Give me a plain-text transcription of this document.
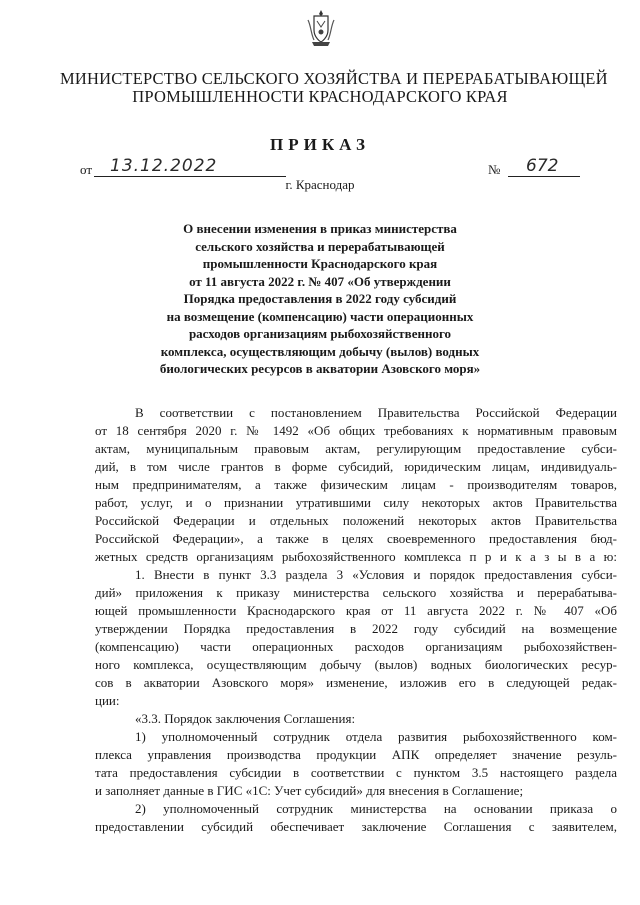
МИНИСТЕРСТВО СЕЛЬСКОГО ХОЗЯЙСТВА И ПЕРЕРАБАТЫВАЮЩЕЙ
ПРОМЫШЛЕННОСТИ КРАСНОДАРСКОГО КРАЯ
ПРИКАЗ
от 13.12.2022	№ 672
г. Краснодар
О внесении изменения в приказ министерства
сельского хозяйства и перерабатывающей
промышленности Краснодарского края
от 11 августа 2022 г. № 407 «Об утверждении
Порядка предоставления в 2022 году субсидий
на возмещение (компенсацию) части операционных
расходов организациям рыбохозяйственного
комплекса, осуществляющим добычу (вылов) водных
биологических ресурсов в акватории Азовского моря»
В соответствии с постановлением Правительства Российской Федерации
от 18 сентября 2020 г. № 1492 «Об общих требованиях к нормативным правовым
актам, муниципальным правовым актам, регулирующим предоставление субси-
дий, в том числе грантов в форме субсидий, юридическим лицам, индивидуаль-
ным предпринимателям, а также физическим лицам - производителям товаров,
работ, услуг, и о признании утратившими силу некоторых актов Правительства
Российской Федерации и отдельных положений некоторых актов Правительства
Российской Федерации», а также в целях своевременного предоставления бюд-
жетных средств организациям рыбохозяйственного комплекса п р и к а з ы в а ю:
1. Внести в пункт 3.3 раздела 3 «Условия и порядок предоставления субси-
дий» приложения к приказу министерства сельского хозяйства и перерабатыва-
ющей промышленности Краснодарского края от 11 августа 2022 г. № 407 «Об
утверждении Порядка предоставления в 2022 году субсидий на возмещение
(компенсацию) части операционных расходов организациям рыбохозяйствен-
ного комплекса, осуществляющим добычу (вылов) водных биологических ресур-
сов в акватории Азовского моря» изменение, изложив его в следующей редак-
ции:
«3.3. Порядок заключения Соглашения:
1) уполномоченный сотрудник отдела развития рыбохозяйственного ком-
плекса управления производства продукции АПК определяет значение резуль-
тата предоставления субсидии в соответствии с пунктом 3.5 настоящего раздела
и заполняет данные в ГИС «1С: Учет субсидий» для внесения в Соглашение;
2) уполномоченный сотрудник министерства на основании приказа о
предоставлении субсидий обеспечивает заключение Соглашения с заявителем,
